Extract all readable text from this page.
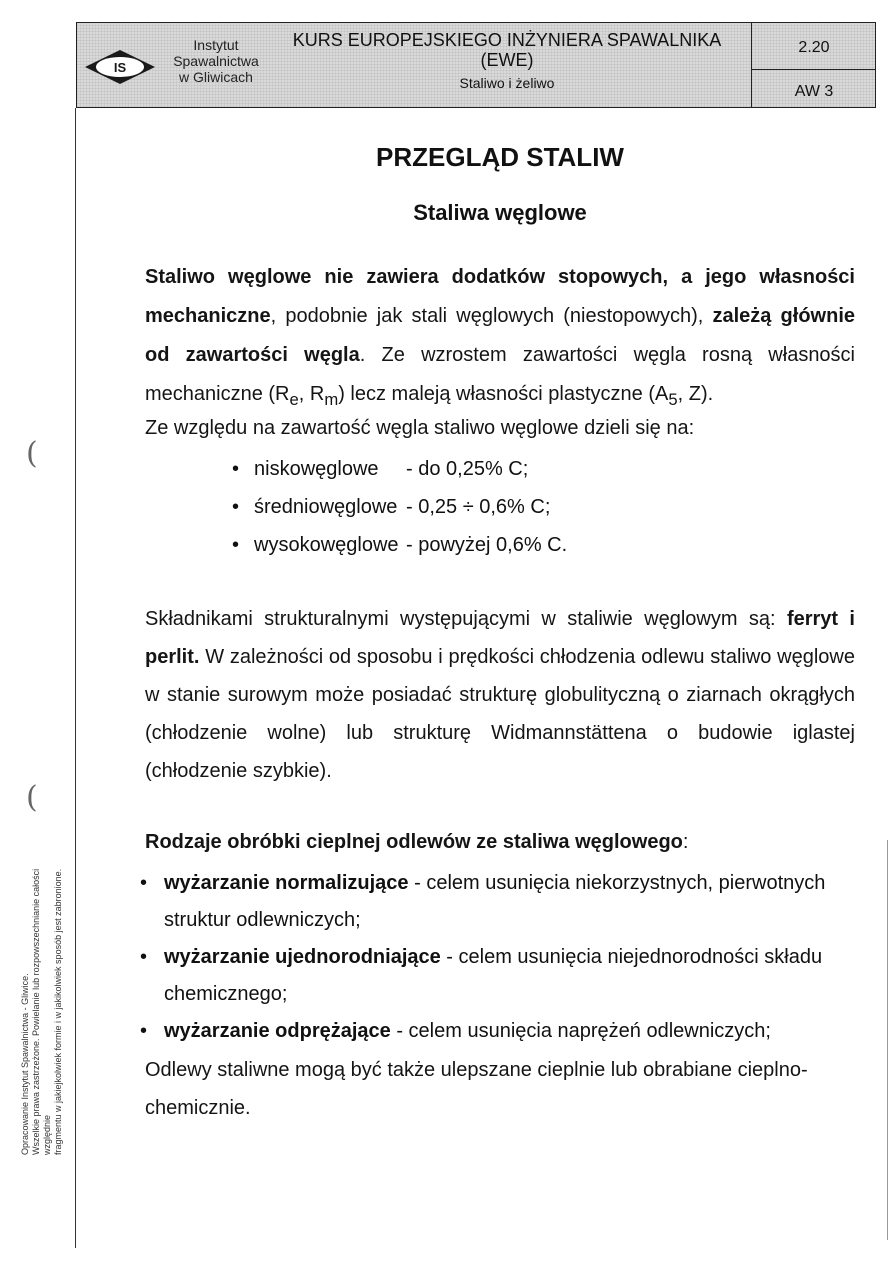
IS
Instytut
Spawalnictwa
w Gliwicach
KURS EUROPEJSKIEGO INŻYNIERA SPAWALNIKA
(EWE)
Staliwo i żeliwo
2.20
AW 3
(
(
Opracowanie Instytut Spawalnictwa - Gliwice. Wszelkie prawa zastrzeżone. Powielanie lub rozpowszechnianie całości względnie fragmentu w jakiejkolwiek formie i w jakikolwiek sposób jest zabronione.
PRZEGLĄD STALIW
Staliwa węglowe
Staliwo węglowe nie zawiera dodatków stopowych, a jego własności mechaniczne, podobnie jak stali węglowych (niestopowych), zależą głównie od zawartości węgla. Ze wzrostem zawartości węgla rosną własności mechaniczne ($R_e$, $R_m$) lecz maleją własności plastyczne ($A_5$, Z).
Ze względu na zawartość węgla staliwo węglowe dzieli się na:
• niskowęglowe	- do 0,25% C;
• średniowęglowe - 0,25 ÷ 0,6% C;
• wysokowęglowe - powyżej 0,6% C.
Składnikami strukturalnymi występującymi w staliwie węglowym są: ferryt i perlit. W zależności od sposobu i prędkości chłodzenia odlewu staliwo węglowe w stanie surowym może posiadać strukturę globulityczną o ziarnach okrągłych (chłodzenie wolne) lub strukturę Widmannstättena o budowie iglastej (chłodzenie szybkie).
Rodzaje obróbki cieplnej odlewów ze staliwa węglowego:
• wyżarzanie normalizujące - celem usunięcia niekorzystnych, pierwotnych struktur odlewniczych;
• wyżarzanie ujednorodniające - celem usunięcia niejednorodności składu chemicznego;
• wyżarzanie odprężające - celem usunięcia naprężeń odlewniczych;
Odlewy staliwne mogą być także ulepszane cieplnie lub obrabiane cieplno-chemicznie.
